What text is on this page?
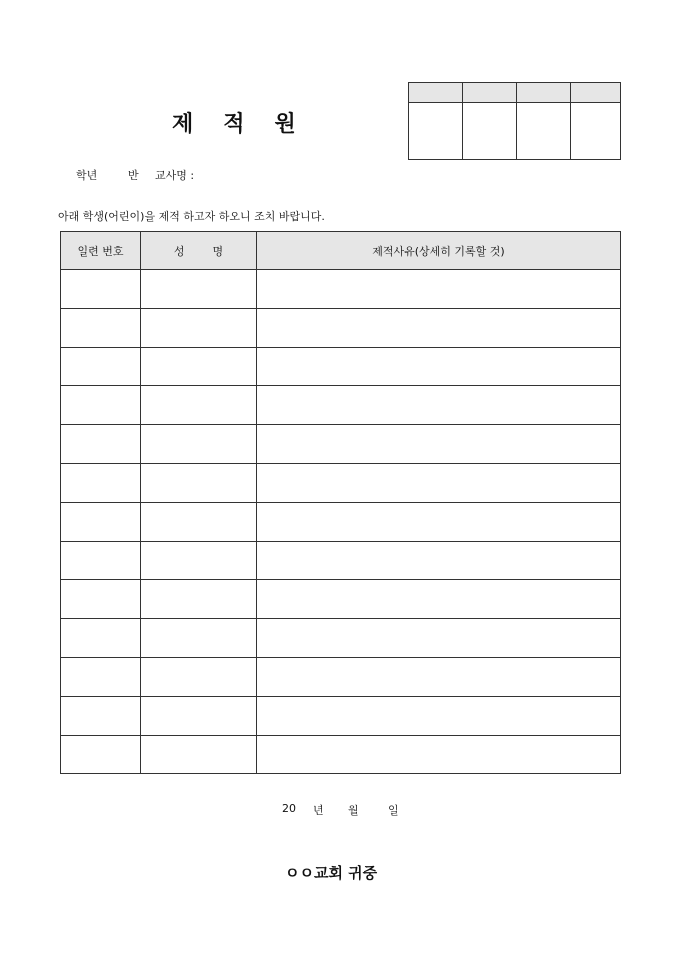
제 적 원
학년	반 교사명 :
아래 학생(어린이)을 제적 하고자 하오니 조치 바랍니다.
일련 번호	성 명	제적사유(상세히 기록할 것)

20 년 월	일
ㅇㅇ교회 귀중
